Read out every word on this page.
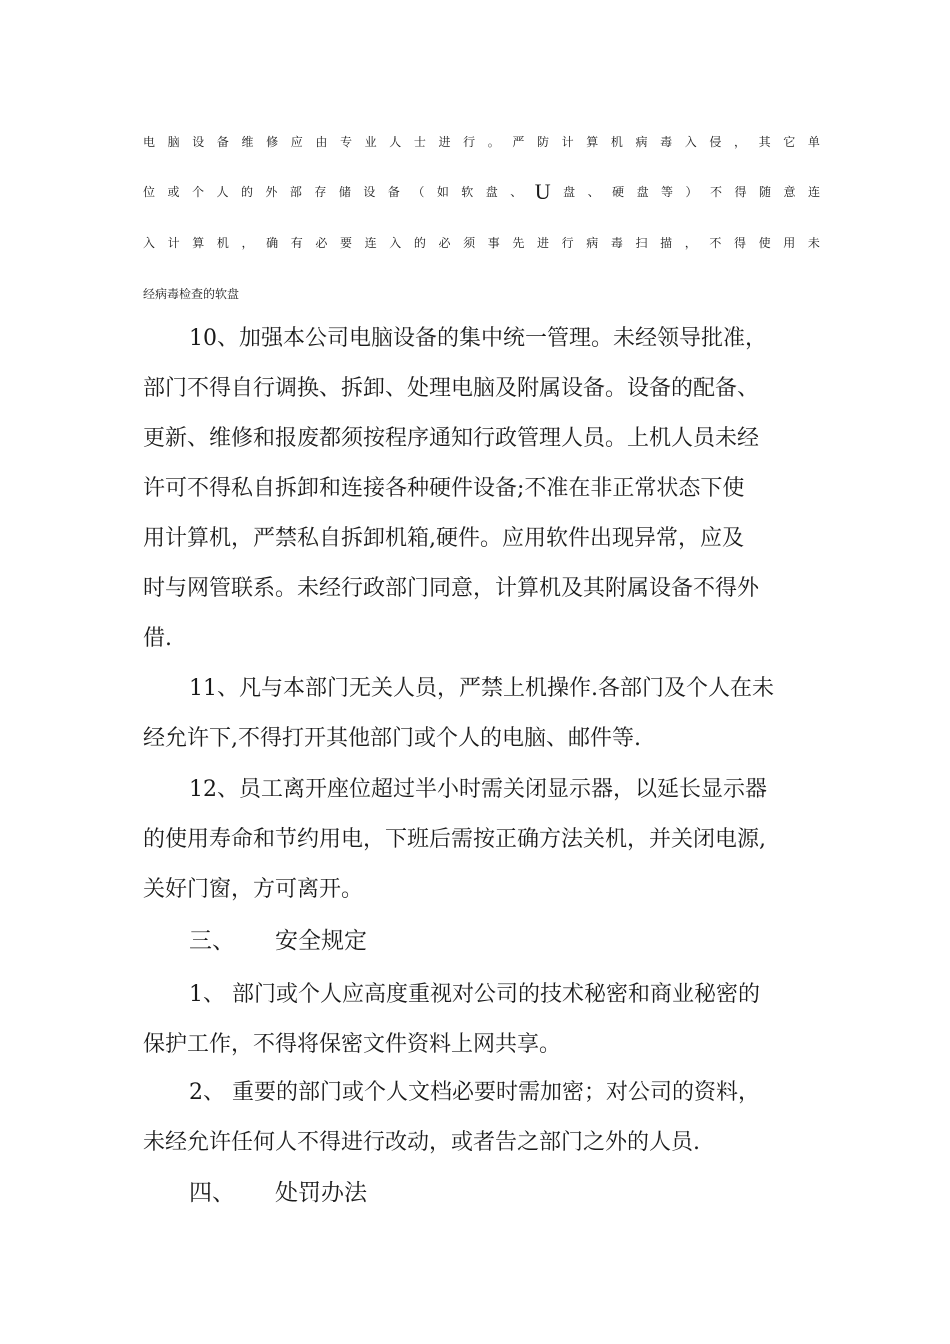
电 脑 设 备 维 修 应 由 专 业 人 士 进 行 。 严 防 计 算 机 病 毒 入 侵 ， 其 它 单
位 或 个 人 的 外 部 存 储 设 备 （ 如 软 盘 、 U 盘 、 硬 盘 等 ） 不 得 随 意 连
入 计 算 机 ， 确 有 必 要 连 入 的 必 须 事 先 进 行 病 毒 扫 描 ， 不 得 使 用 未
经病毒检查的软盘
10、加强本公司电脑设备的集中统一管理。未经领导批准，
部门不得自行调换、拆卸、处理电脑及附属设备。设备的配备、
更新、维修和报废都须按程序通知行政管理人员。上机人员未经
许可不得私自拆卸和连接各种硬件设备;不准在非正常状态下使
用计算机，严禁私自拆卸机箱,硬件。应用软件出现异常，应及
时与网管联系。未经行政部门同意，计算机及其附属设备不得外
借.
11、凡与本部门无关人员，严禁上机操作.各部门及个人在未
经允许下,不得打开其他部门或个人的电脑、邮件等.
12、员工离开座位超过半小时需关闭显示器，以延长显示器
的使用寿命和节约用电，下班后需按正确方法关机，并关闭电源,
关好门窗，方可离开。
三、 安全规定
1、 部门或个人应高度重视对公司的技术秘密和商业秘密的
保护工作，不得将保密文件资料上网共享。
2、 重要的部门或个人文档必要时需加密；对公司的资料，
未经允许任何人不得进行改动，或者告之部门之外的人员.
四、 处罚办法
